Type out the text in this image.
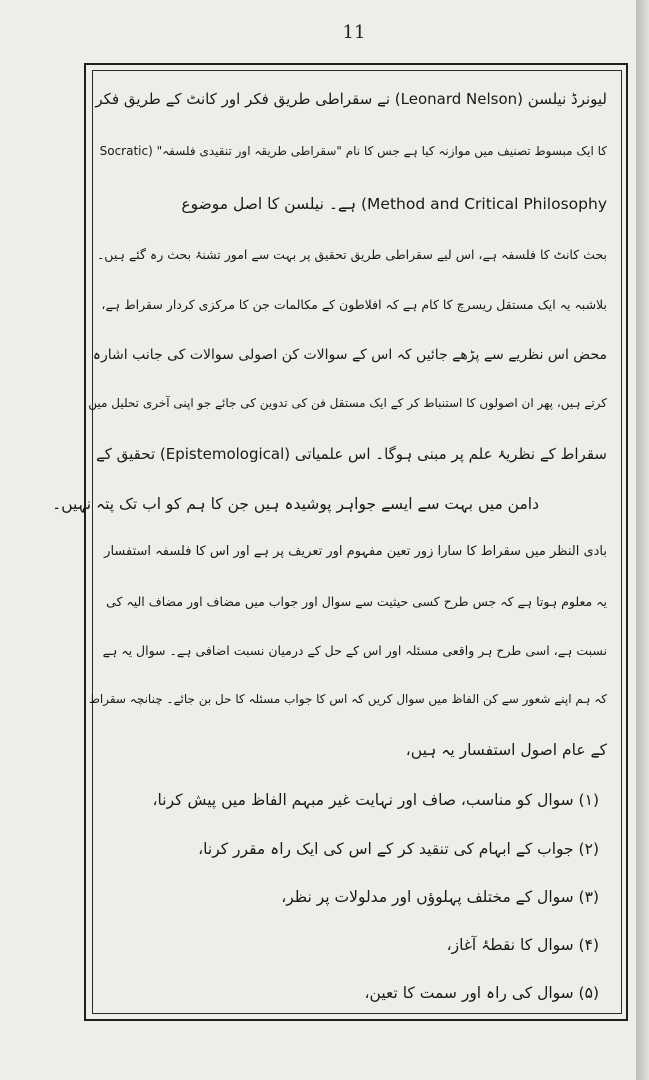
11
لیونرڈ نیلسن (Leonard Nelson) نے سقراطی طریق فکر اور کانٹ کے طریق فکر
کا ایک مبسوط تصنیف میں موازنہ کیا ہے جس کا نام "سقراطی طریقہ اور تنقیدی فلسفہ" (Socratic
Method and Critical Philosophy) ہے۔ نیلسن کا اصل موضوع
بحث کانٹ کا فلسفہ ہے، اس لیے سقراطی طریق تحقیق پر بہت سے امور تشنۂ بحث رہ گئے ہیں۔
بلاشبہ یہ ایک مستقل ریسرچ کا کام ہے کہ افلاطون کے مکالمات جن کا مرکزی کردار سقراط ہے،
محض اس نظریے سے پڑھے جائیں کہ اس کے سوالات کن اصولی سوالات کی جانب اشارہ
کرتے ہیں، پھر ان اصولوں کا استنباط کر کے ایک مستقل فن کی تدوین کی جائے جو اپنی آخری تحلیل میں
سقراط کے نظریۂ علم پر مبنی ہوگا۔ اس علمیاتی (Epistemological) تحقیق کے
دامن میں بہت سے ایسے جواہر پوشیدہ ہیں جن کا ہم کو اب تک پتہ نہیں۔
بادی النظر میں سقراط کا سارا زور تعین مفہوم اور تعریف پر ہے اور اس کا فلسفہ استفسار
یہ معلوم ہوتا ہے کہ جس طرح کسی حیثیت سے سوال اور جواب میں مضاف اور مضاف الیہ کی
نسبت ہے، اسی طرح ہر واقعی مسئلہ اور اس کے حل کے درمیان نسبت اضافی ہے۔ سوال یہ ہے
کہ ہم اپنے شعور سے کن الفاظ میں سوال کریں کہ اس کا جواب مسئلہ کا حل بن جائے۔ چنانچہ سقراط
کے عام اصول استفسار یہ ہیں،
(۱) سوال کو مناسب، صاف اور نہایت غیر مبہم الفاظ میں پیش کرنا،
(۲) جواب کے ابہام کی تنقید کر کے اس کی ایک راہ مقرر کرنا،
(۳) سوال کے مختلف پہلوؤں اور مدلولات پر نظر،
(۴) سوال کا نقطۂ آغاز،
(۵) سوال کی راہ اور سمت کا تعین،
